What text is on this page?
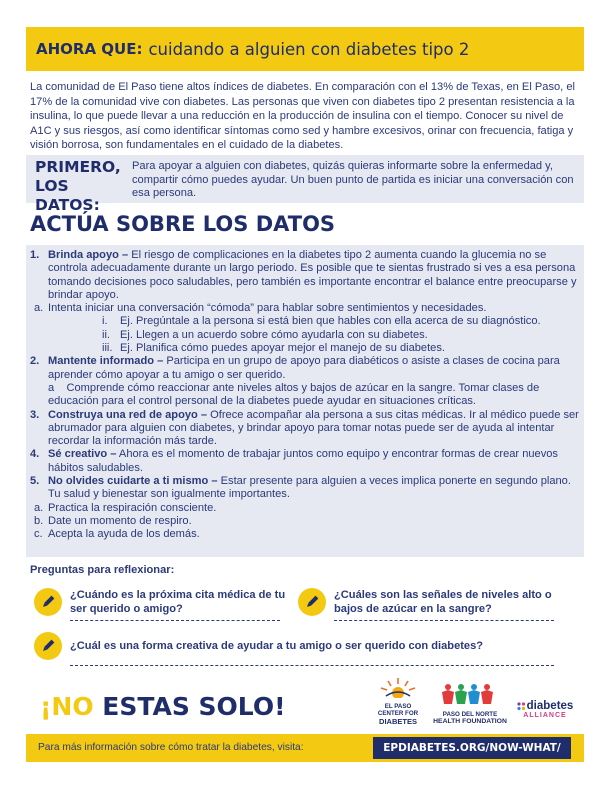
AHORA QUE: cuidando a alguien con diabetes tipo 2

La comunidad de El Paso tiene altos índices de diabetes. En comparación con el 13% de Texas, en El Paso, el 17% de la comunidad vive con diabetes. Las personas que viven con diabetes tipo 2 presentan resistencia a la insulina, lo que puede llevar a una reducción en la producción de insulina con el tiempo. Conocer su nivel de A1C y sus riesgos, así como identificar síntomas como sed y hambre excesivos, orinar con frecuencia, fatiga y visión borrosa, son fundamentales en el cuidado de la diabetes.

PRIMERO,
LOS DATOS:

Para apoyar a alguien con diabetes, quizás quieras informarte sobre la enfermedad y, compartir cómo puedes ayudar. Un buen punto de partida es iniciar una conversación con esa persona.

ACTÚA SOBRE LOS DATOS
1. Brinda apoyo – El riesgo de complicaciones en la diabetes tipo 2 aumenta cuando la glucemia no se controla adecuadamente durante un largo periodo. Es posible que te sientas frustrado si ves a esa persona tomando decisiones poco saludables, pero también es importante encontrar el balance entre preocuparse y brindar apoyo.
a. Intenta iniciar una conversación “cómoda” para hablar sobre sentimientos y necesidades.
i. Ej. Pregúntale a la persona si está bien que hables con ella acerca de su diagnóstico.
ii. Ej. Llegen a un acuerdo sobre cómo ayudarla con su diabetes.
iii. Ej. Planifica cómo puedes apoyar mejor el manejo de su diabetes.
2. Mantente informado – Participa en un grupo de apoyo para diabéticos o asiste a clases de cocina para aprender cómo apoyar a tu amigo o ser querido.
a    Comprende cómo reaccionar ante niveles altos y bajos de azúcar en la sangre. Tomar clases de educación para el control personal de la diabetes puede ayudar en situaciones críticas.
3. Construya una red de apoyo – Ofrece acompañar ala persona a sus citas médicas. Ir al médico puede ser abrumador para alguien con diabetes, y brindar apoyo para tomar notas puede ser de ayuda al intentar recordar la información más tarde.
4. Sé creativo – Ahora es el momento de trabajar juntos como equipo y encontrar formas de crear nuevos hábitos saludables.
5. No olvides cuidarte a ti mismo – Estar presente para alguien a veces implica ponerte en segundo plano. Tu salud y bienestar son igualmente importantes.
a. Practica la respiración consciente.
b. Date un momento de respiro.
c. Acepta la ayuda de los demás.
Preguntas para reflexionar:
¿Cuándo es la próxima cita médica de tu ser querido o amigo?
¿Cuáles son las señales de niveles alto o bajos de azúcar en la sangre?
¿Cuál es una forma creativa de ayudar a tu amigo o ser querido con diabetes?
¡NO ESTAS SOLO!	EL PASO
CENTER FOR
DIABETES
PASO DEL NORTE
HEALTH FOUNDATION
diabetes
ALLIANCE
Para más información sobre cómo tratar la diabetes, visita:	EPDIABETES.ORG/NOW-WHAT/
